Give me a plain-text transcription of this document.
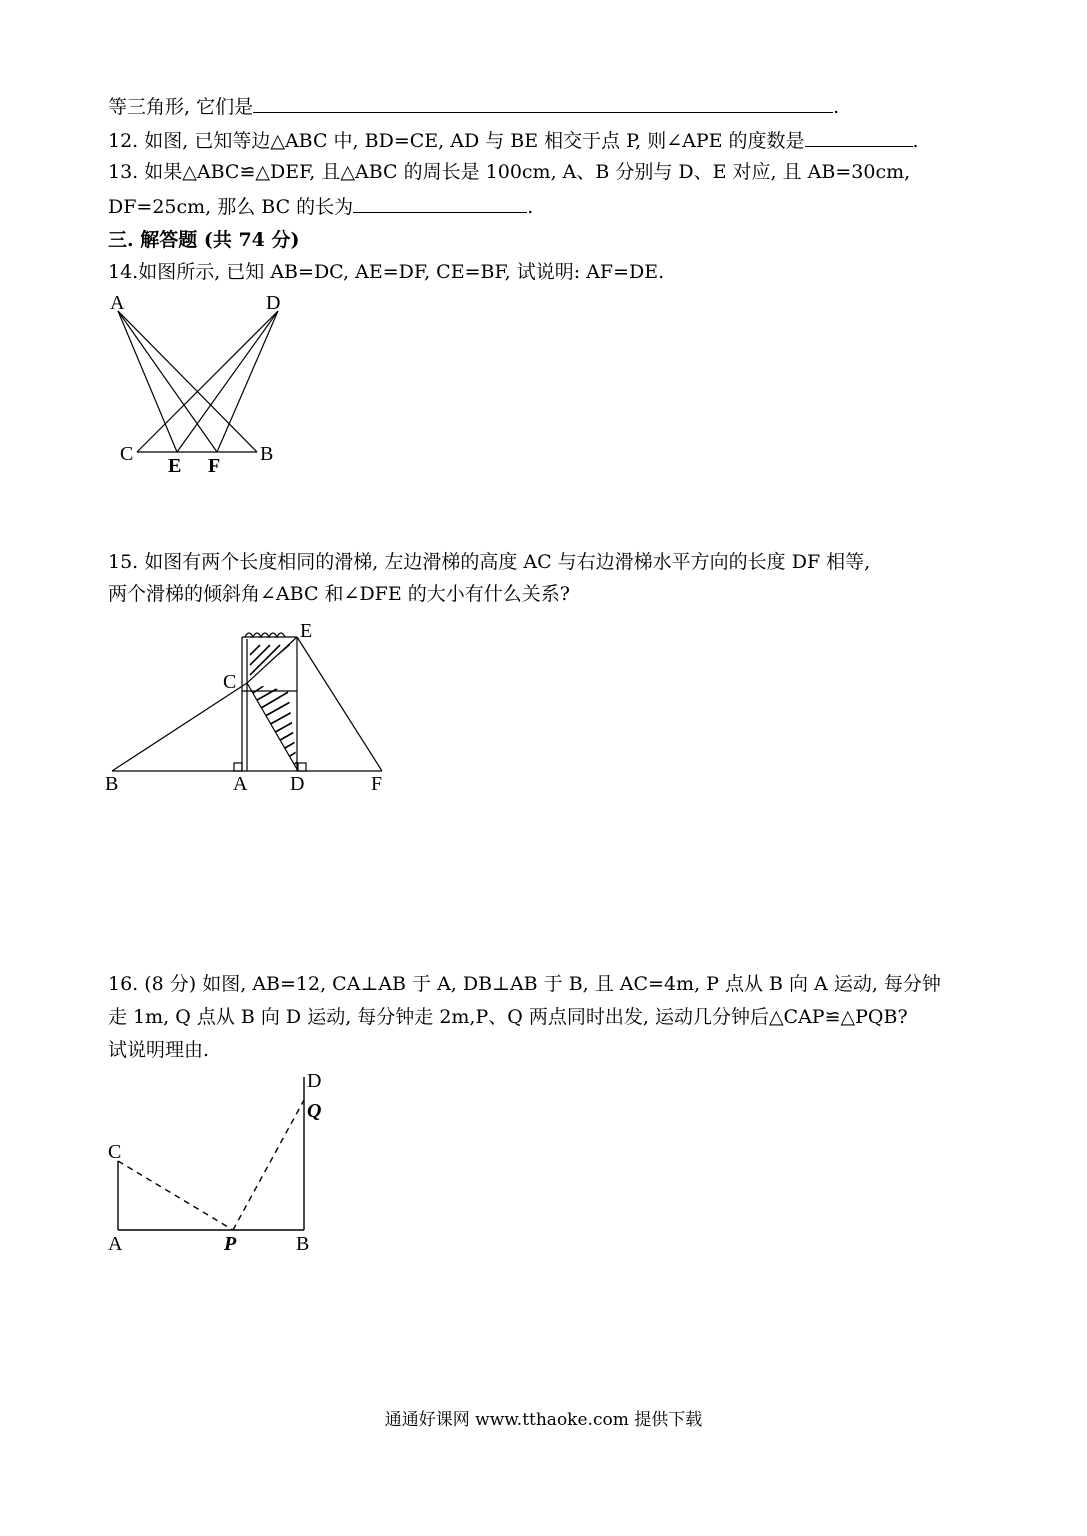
等三角形, 它们是	.
12. 如图, 已知等边△ABC 中, BD=CE, AD 与 BE 相交于点 P, 则∠APE 的度数是	.
13. 如果△ABC≌△DEF, 且△ABC 的周长是 100cm, A、B 分别与 D、E 对应, 且 AB=30cm,
DF=25cm, 那么 BC 的长为	.
三. 解答题 (共 74 分)
14.如图所示, 已知 AB=DC, AE=DF, CE=BF, 试说明: AF=DE.
A	D
C
E F
B
15. 如图有两个长度相同的滑梯, 左边滑梯的高度 AC 与右边滑梯水平方向的长度 DF 相等,
两个滑梯的倾斜角∠ABC 和∠DFE 的大小有什么关系?
E
C
B	A D	F
16. (8 分) 如图, AB=12, CA⊥AB 于 A, DB⊥AB 于 B, 且 AC=4m, P 点从 B 向 A 运动, 每分钟
走 1m, Q 点从 B 向 D 运动, 每分钟走 2m,P、Q 两点同时出发, 运动几分钟后△CAP≌△PQB?
试说明理由.
D
Q
C
A	P	B
通通好课网 www.tthaoke.com 提供下载
